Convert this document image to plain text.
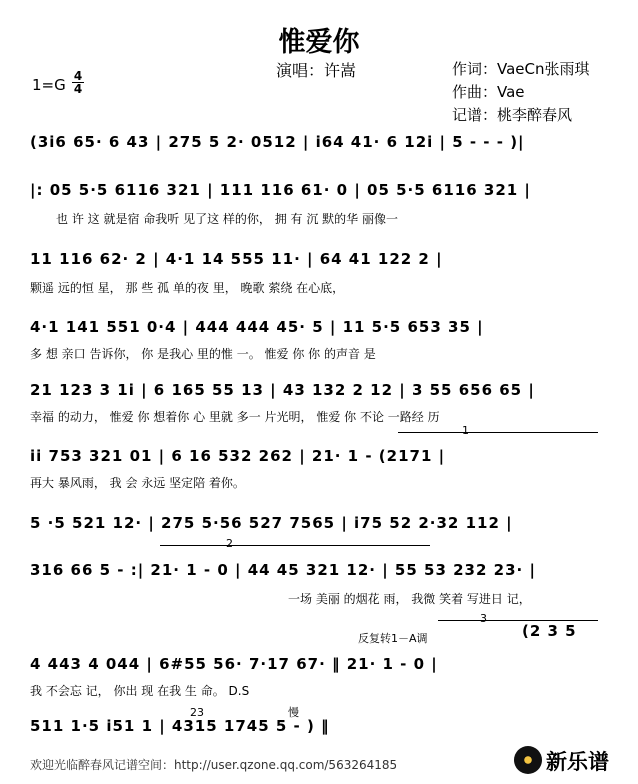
惟爱你
演唱：许嵩	作词：VaeCn张雨琪
作曲：Vae
记谱：桃李醉春风
1=G 4
4
(3i6 65· 6 43 | 275 5 2· 0512 | i64 41· 6 12i | 5 - - - )|
|: 05 5·5 6116 321 | 111 116 61· 0 | 05 5·5 6116 321 |
也 许 这 就是宿 命我听 见了这 样的你， 拥 有 沉 默的华 丽像一
11 116 62· 2 | 4·1 14 555 11· | 64 41 122 2 |
颗遥 远的恒 星， 那 些 孤 单的夜 里， 晚歌 萦绕 在心底，
4·1 141 551 0·4 | 444 444 45· 5 | 11 5·5 653 35 |
多 想 亲口 告诉你， 你 是我心 里的惟 一。 惟爱 你 你 的声音 是
21 123 3 1i | 6 165 55 13 | 43 132 2 12 | 3 55 656 65 |
幸福 的动力， 惟爱 你 想着你 心 里就 多一 片光明， 惟爱 你 不论 一路经 历
1
ii 753 321 01 | 6 16 532 262 | 21· 1 - (2171 |
再大 暴风雨， 我 会 永远 坚定陪 着你。
5 ·5 521 12· | 275 5·56 527 7565 | i75 52 2·32 112 |
2
316 66 5 - :| 21· 1 - 0 | 44 45 321 12· | 55 53 232 23· |
一场 美丽 的烟花 雨， 我微 笑着 写进日 记，
反复转1－A调
3
(2 3 5
4 443 4 044 | 6#55 56· 7·17 67· ‖ 21· 1 - 0 |
我 不会忘 记， 你出 现 在我 生 命。 D.S
23	慢
511 1·5 i51 1 | 4315 1745 5 - ) ‖
欢迎光临醉春风记谱空间：http://user.qzone.qq.com/563264185	新乐谱
